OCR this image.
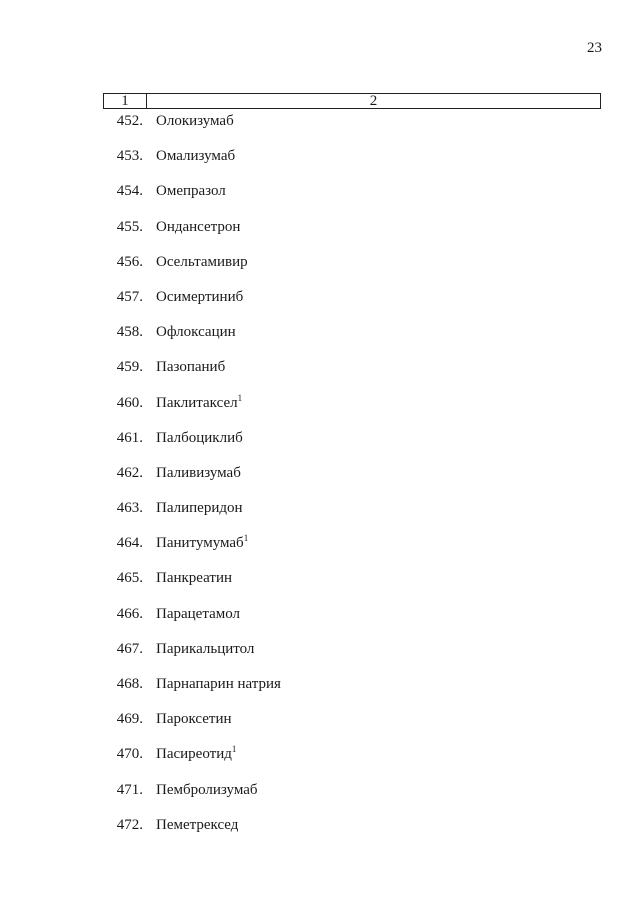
23
1	2
452. Олокизумаб
453. Омализумаб
454. Омепразол
455. Ондансетрон
456. Осельтамивир
457. Осимертиниб
458. Офлоксацин
459. Пазопаниб
460. Паклитаксел$^1$
461. Палбоциклиб
462. Паливизумаб
463. Палиперидон
464. Панитумумаб$^1$
465. Панкреатин
466. Парацетамол
467. Парикальцитол
468. Парнапарин натрия
469. Пароксетин
470. Пасиреотид$^1$
471. Пембролизумаб
472. Пеметрексед
